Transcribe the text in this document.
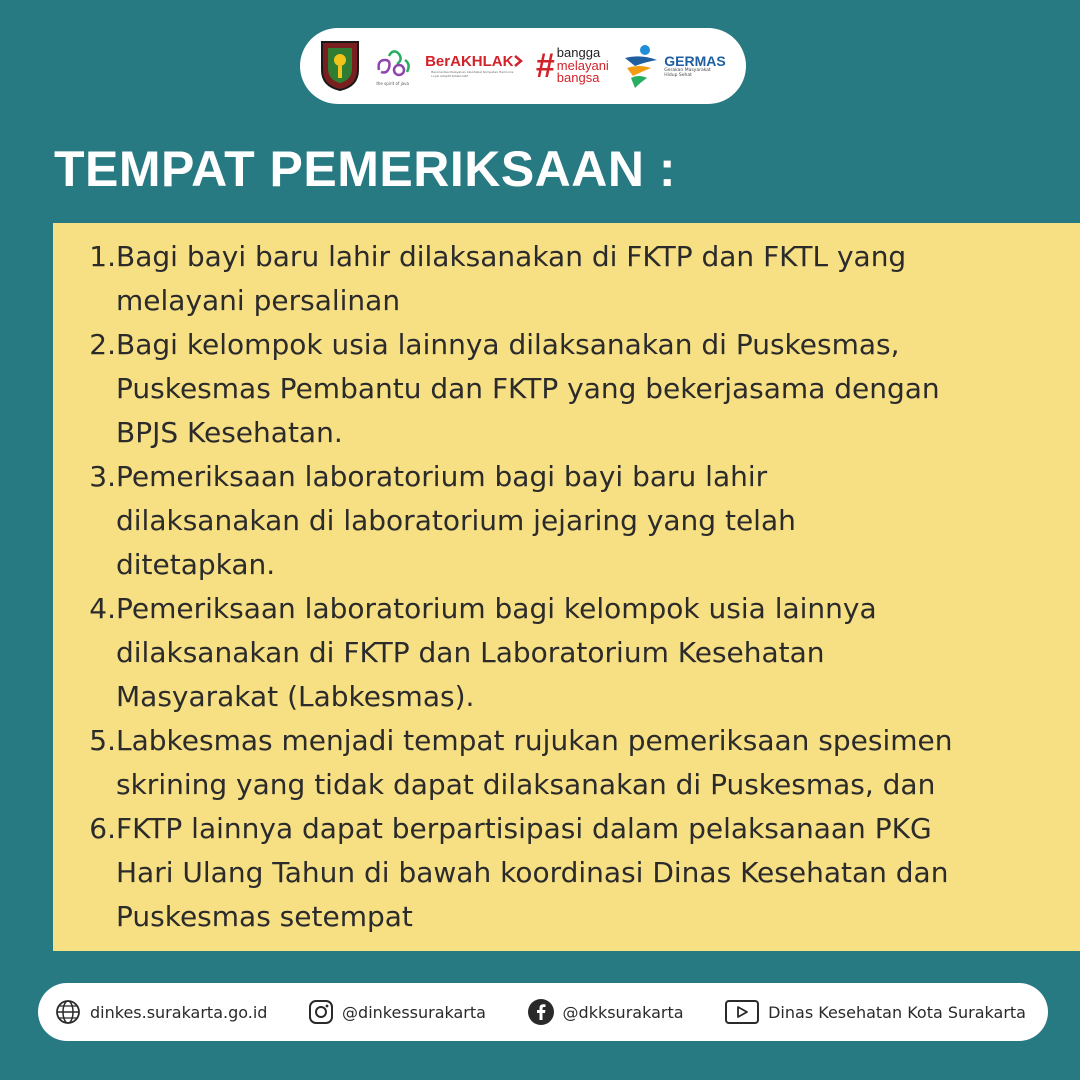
the spirit of java
BerAKHLAK
Berorientasi Pelayanan Akuntabel Kompeten Harmonis Loyal Adaptif Kolaboratif	# bangga
melayani
bangsa
GERMAS
Gerakan Masyarakat
Hidup Sehat
TEMPAT PEMERIKSAAN :
1. Bagi bayi baru lahir dilaksanakan di FKTP dan FKTL yang
melayani persalinan
2. Bagi kelompok usia lainnya dilaksanakan di Puskesmas,
Puskesmas Pembantu dan FKTP yang bekerjasama dengan
BPJS Kesehatan.
3. Pemeriksaan laboratorium bagi bayi baru lahir
dilaksanakan di laboratorium jejaring yang telah
ditetapkan.
4. Pemeriksaan laboratorium bagi kelompok usia lainnya
dilaksanakan di FKTP dan Laboratorium Kesehatan
Masyarakat (Labkesmas).
5. Labkesmas menjadi tempat rujukan pemeriksaan spesimen
skrining yang tidak dapat dilaksanakan di Puskesmas, dan
6. FKTP lainnya dapat berpartisipasi dalam pelaksanaan PKG
Hari Ulang Tahun di bawah koordinasi Dinas Kesehatan dan
Puskesmas setempat
dinkes.surakarta.go.id	@dinkessurakarta	@dkksurakarta	Dinas Kesehatan Kota Surakarta
